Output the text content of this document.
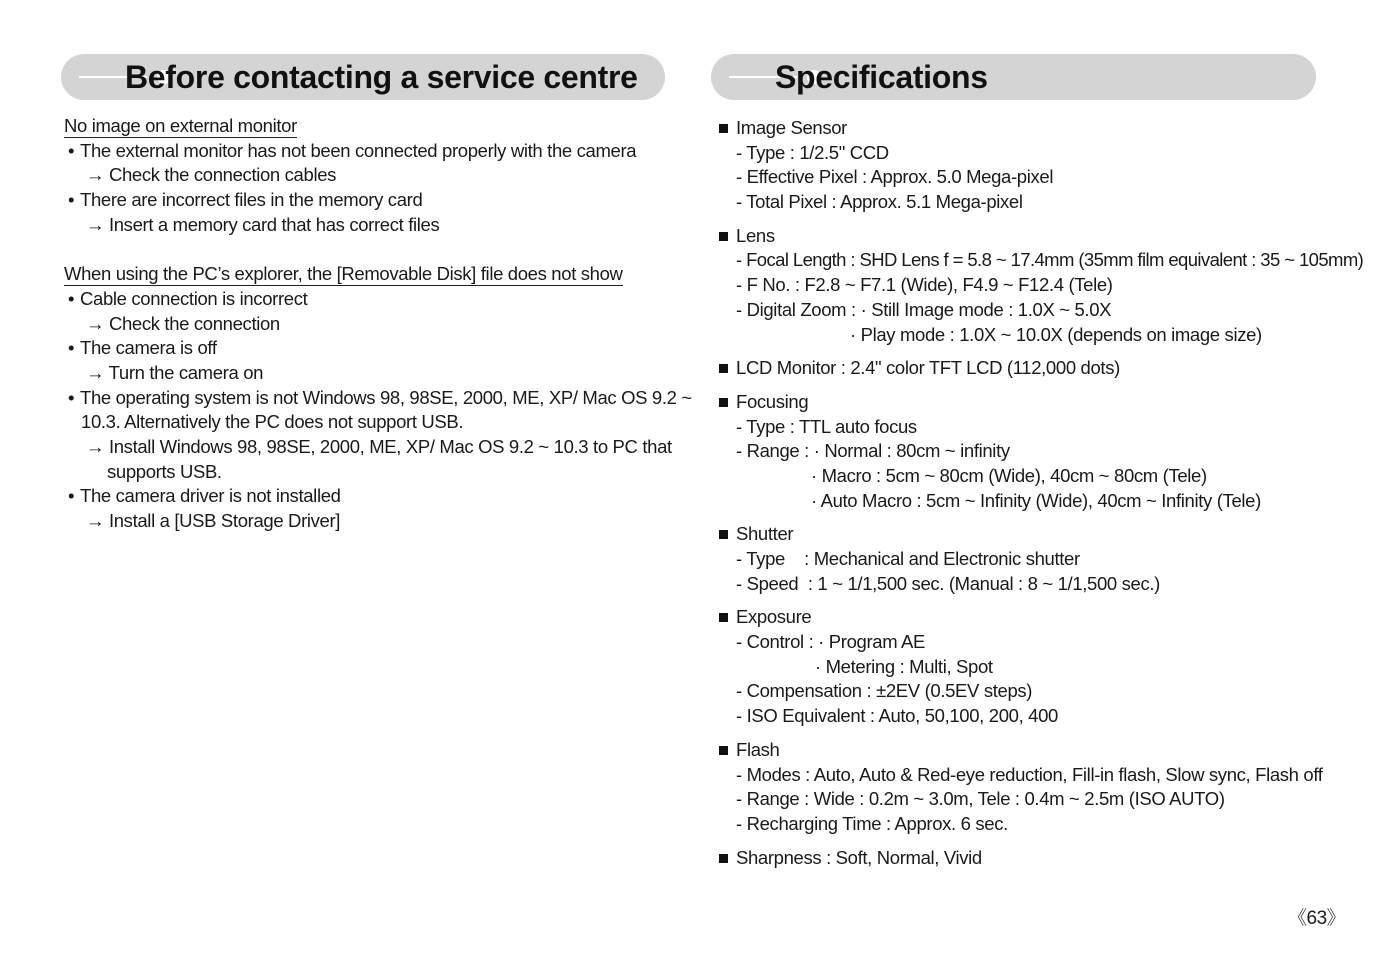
Before contacting a service centre	Specifications
No image on external monitor
• The external monitor has not been connected properly with the camera
→ Check the connection cables
• There are incorrect files in the memory card
→ Insert a memory card that has correct files
When using the PC’s explorer, the [Removable Disk] file does not show
• Cable connection is incorrect
→ Check the connection
• The camera is off
→ Turn the camera on
• The operating system is not Windows 98, 98SE, 2000, ME, XP/ Mac OS 9.2 ~
10.3. Alternatively the PC does not support USB.
→ Install Windows 98, 98SE, 2000, ME, XP/ Mac OS 9.2 ~ 10.3 to PC that
supports USB.
• The camera driver is not installed
→ Install a [USB Storage Driver]
Image Sensor
- Type : 1/2.5" CCD
- Effective Pixel : Approx. 5.0 Mega-pixel
- Total Pixel : Approx. 5.1 Mega-pixel
Lens
- Focal Length : SHD Lens f = 5.8 ~ 17.4mm (35mm film equivalent : 35 ~ 105mm)
- F No. : F2.8 ~ F7.1 (Wide), F4.9 ~ F12.4 (Tele)
- Digital Zoom : · Still Image mode : 1.0X ~ 5.0X
· Play mode : 1.0X ~ 10.0X (depends on image size)
LCD Monitor : 2.4" color TFT LCD (112,000 dots)
Focusing
- Type : TTL auto focus
- Range : · Normal : 80cm ~ infinity
· Macro : 5cm ~ 80cm (Wide), 40cm ~ 80cm (Tele)
· Auto Macro : 5cm ~ Infinity (Wide), 40cm ~ Infinity (Tele)
Shutter
- Type    : Mechanical and Electronic shutter
- Speed  : 1 ~ 1/1,500 sec. (Manual : 8 ~ 1/1,500 sec.)
Exposure
- Control : · Program AE
· Metering : Multi, Spot
- Compensation : ±2EV (0.5EV steps)
- ISO Equivalent : Auto, 50,100, 200, 400
Flash
- Modes : Auto, Auto & Red-eye reduction, Fill-in flash, Slow sync, Flash off
- Range : Wide : 0.2m ~ 3.0m, Tele : 0.4m ~ 2.5m (ISO AUTO)
- Recharging Time : Approx. 6 sec.
Sharpness : Soft, Normal, Vivid
《63》
